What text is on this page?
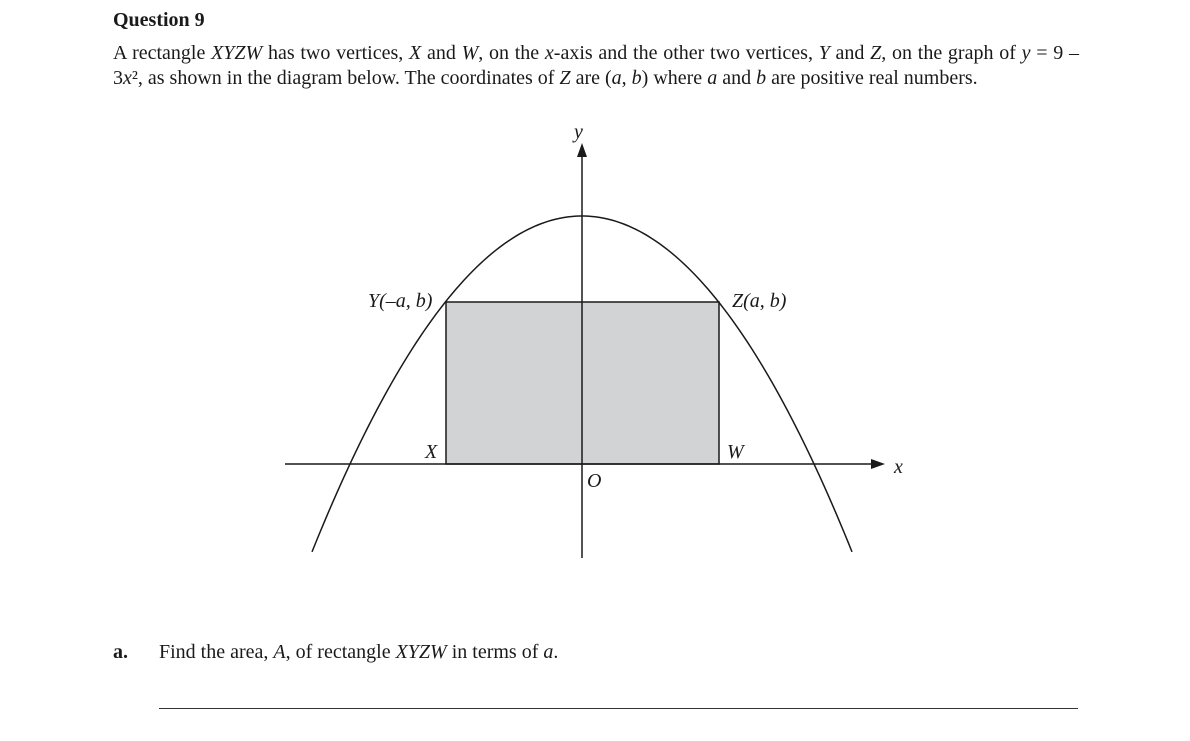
Question 9

A rectangle XYZW has two vertices, X and W, on the x-axis and the other two vertices, Y and Z, on the graph of y = 9 – 3x², as shown in the diagram below. The coordinates of Z are (a, b) where a and b are positive real numbers.

y
x
O
X	W
Y(–a, b)	Z(a, b)
a. Find the area, A, of rectangle XYZW in terms of a.
